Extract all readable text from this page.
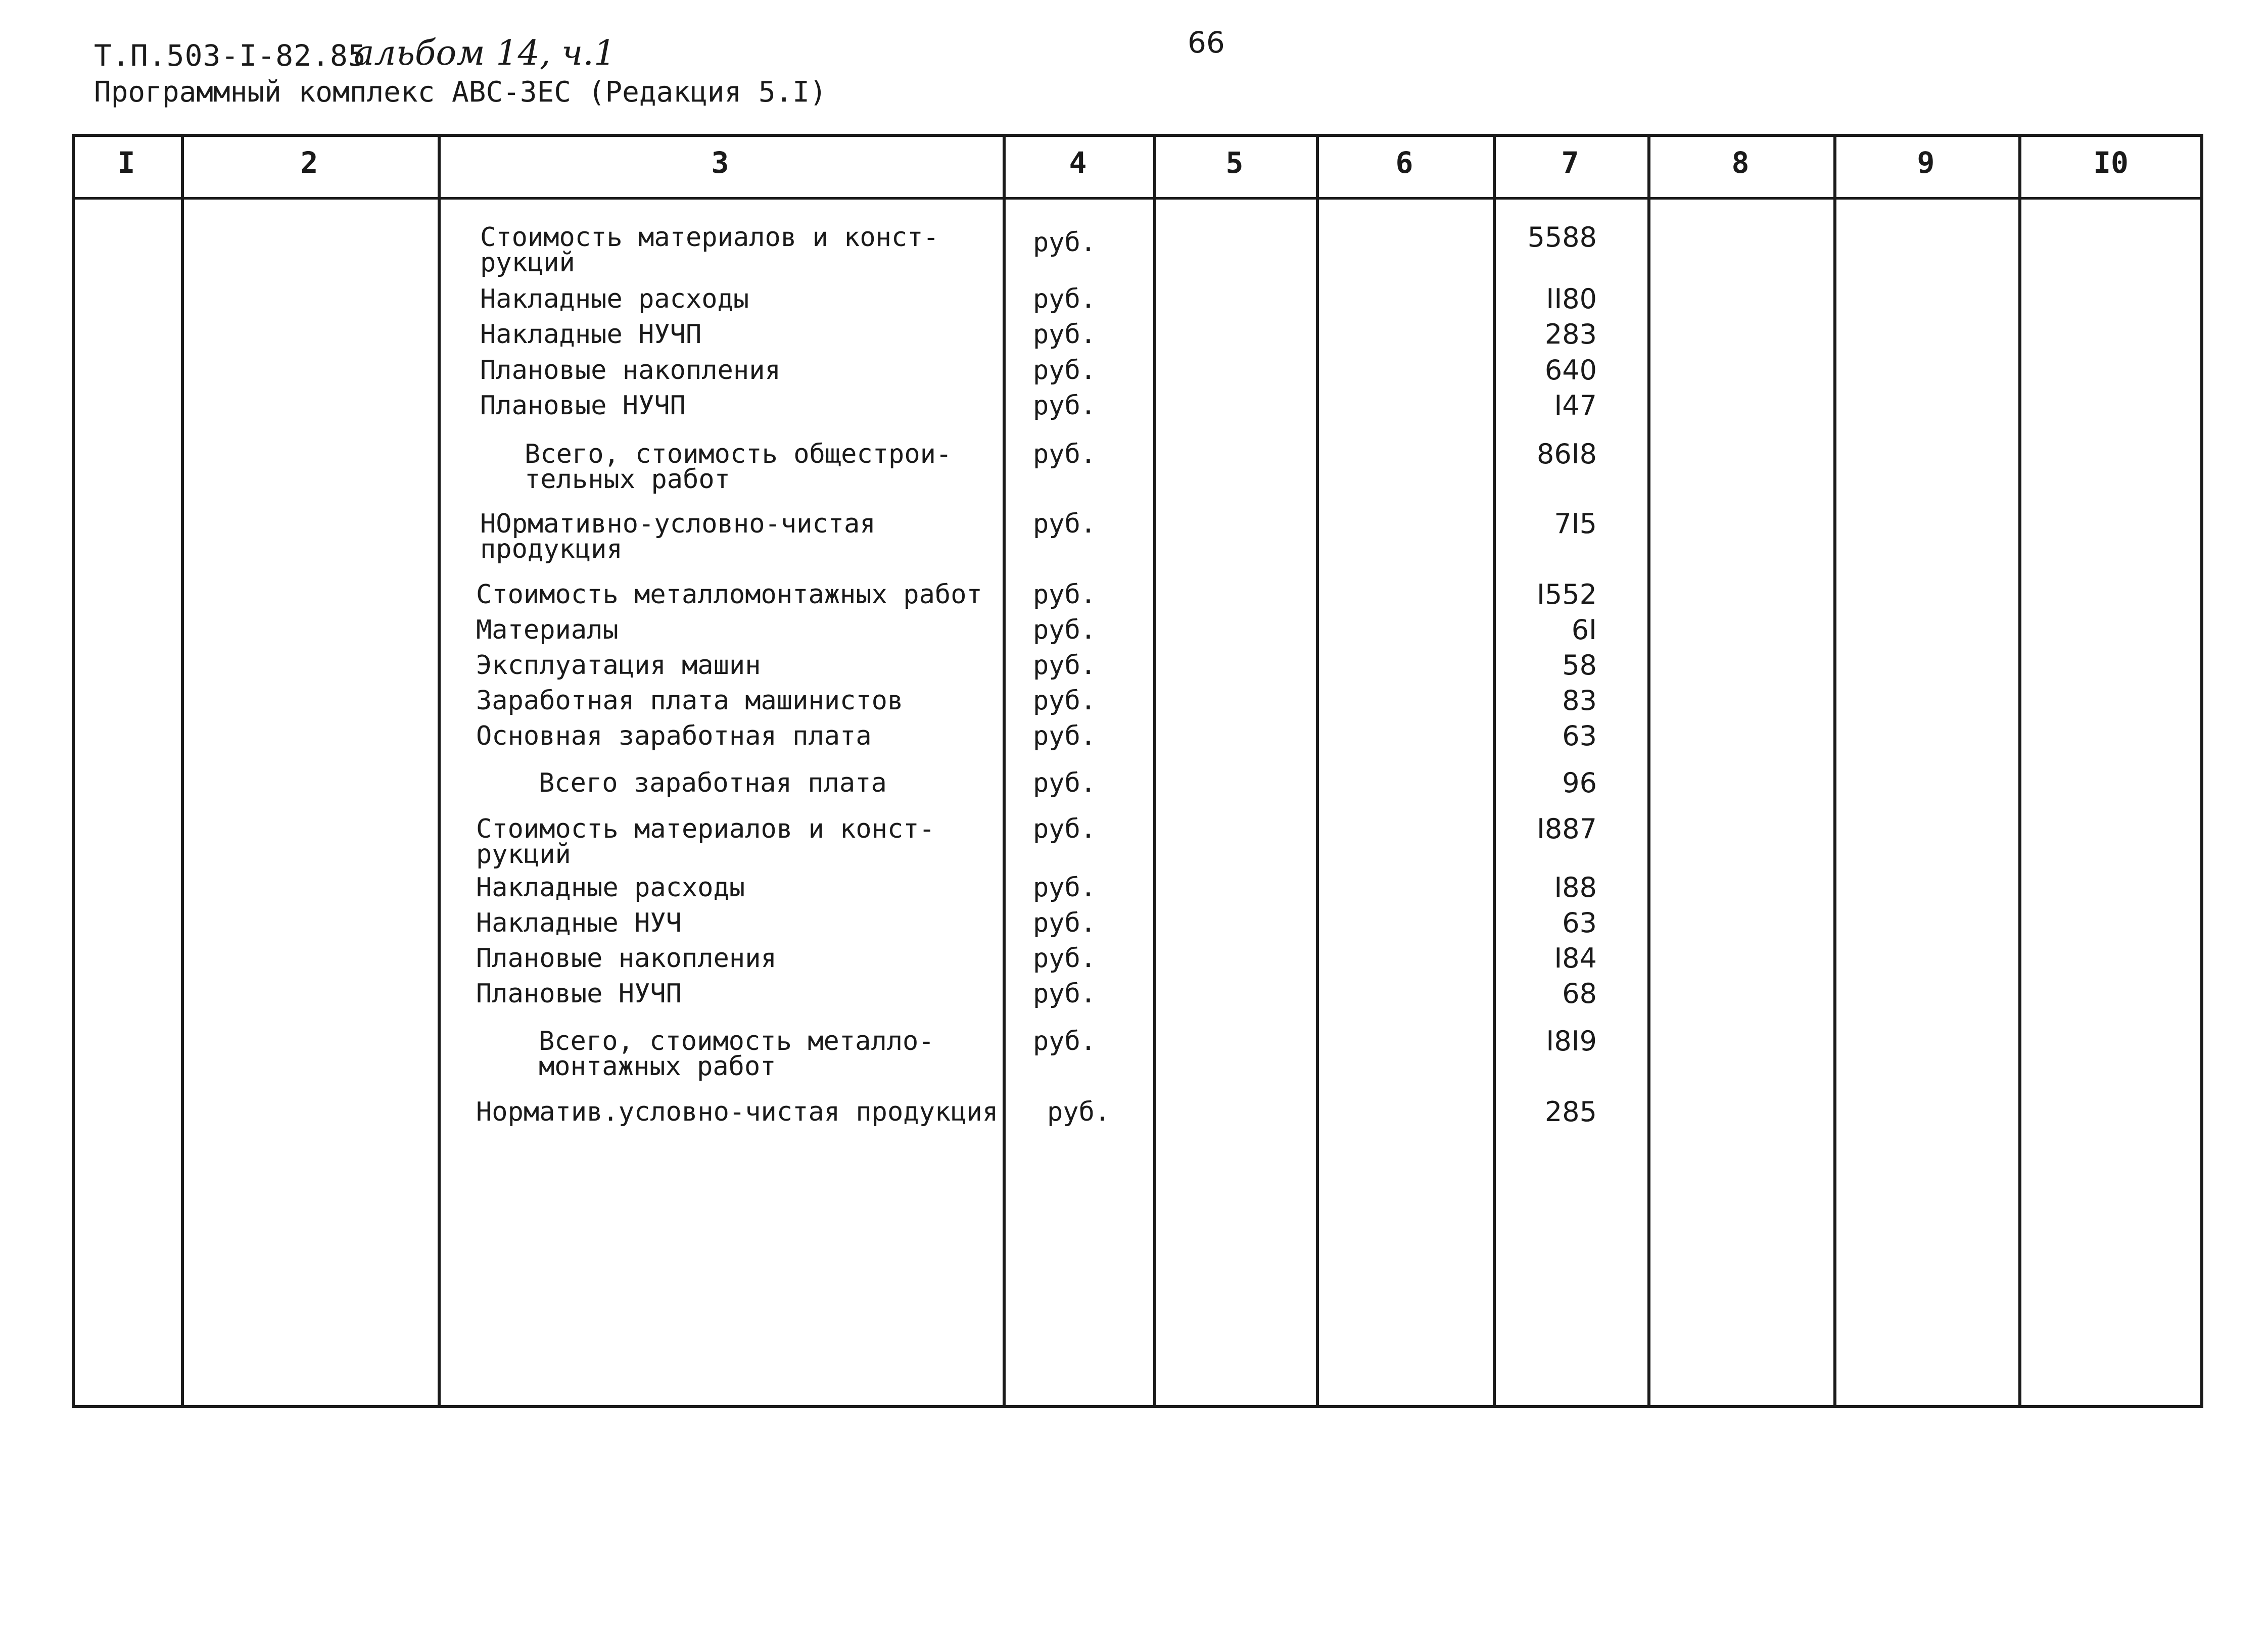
Т.П.503-I-82.85
альбом 14, ч.1
Программный комплекс АВС-3ЕС (Редакция 5.I)
66
I	2	3	4	5	6	7	8	9	I0
Стоимость материалов и конст-
рукций
руб.	5588
Накладные расходы	руб.	II80
Накладные НУЧП	руб.	283
Плановые накопления	руб.	640
Плановые НУЧП	руб.	I47
Всего, стоимость общестрои-
тельных работ
руб.	86I8
НОрмативно-условно-чистая
продукция
руб.	7I5
Стоимость металломонтажных работ руб.	I552
Материалы	руб.	6I
Эксплуатация машин	руб.	58
Заработная плата машинистов	руб.	83
Основная заработная плата	руб.	63
Всего заработная плата	руб.	96
Стоимость материалов и конст-
рукций
руб.	I887
Накладные расходы	руб.	I88
Накладные НУЧ	руб.	63
Плановые накопления	руб.	I84
Плановые НУЧП	руб.	68
Всего, стоимость металло-
монтажных работ
руб.	I8I9
Норматив.условно-чистая продукция руб.	285
